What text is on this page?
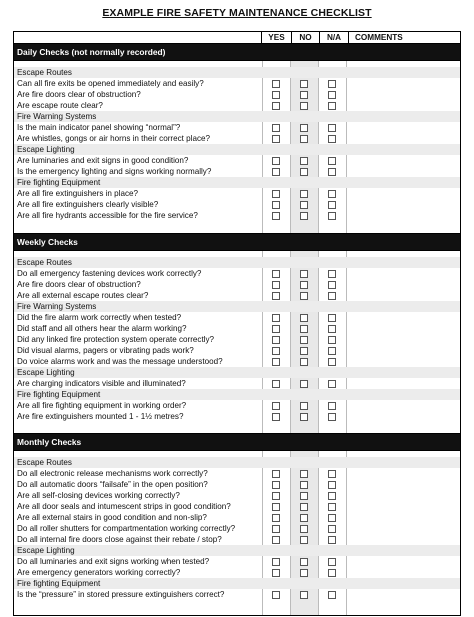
EXAMPLE FIRE SAFETY MAINTENANCE CHECKLIST
YES	NO	N/A	COMMENTS
Daily Checks (not normally recorded)
Escape Routes
Can all fire exits be opened immediately and easily?
Are fire doors clear of obstruction?
Are escape route clear?
Fire Warning Systems
Is the main indicator panel showing “normal”?
Are whistles, gongs or air horns in their correct place?
Escape Lighting
Are luminaries and exit signs in good condition?
Is the emergency lighting and signs working normally?
Fire fighting Equipment
Are all fire extinguishers in place?
Are all fire extinguishers clearly visible?
Are all fire hydrants accessible for the fire service?
Weekly Checks
Escape Routes
Do all emergency fastening devices work correctly?
Are fire doors clear of obstruction?
Are all external escape routes clear?
Fire Warning Systems
Did the fire alarm work correctly when tested?
Did staff and all others hear the alarm working?
Did any linked fire protection system operate correctly?
Did visual alarms, pagers or vibrating pads work?
Do voice alarms work and was the message understood?
Escape Lighting
Are charging indicators visible and illuminated?
Fire fighting Equipment
Are all fire fighting equipment in working order?
Are fire extinguishers mounted 1 - 1½ metres?
Monthly Checks
Escape Routes
Do all electronic release mechanisms work correctly?
Do all automatic doors “failsafe” in the open position?
Are all self-closing devices working correctly?
Are all door seals and intumescent strips in good condition?
Are all external stairs in good condition and non-slip?
Do all roller shutters for compartmentation working correctly?
Do all internal fire doors close against their rebate / stop?
Escape Lighting
Do all luminaries and exit signs working when tested?
Are emergency generators working correctly?
Fire fighting Equipment
Is the “pressure” in stored pressure extinguishers correct?
